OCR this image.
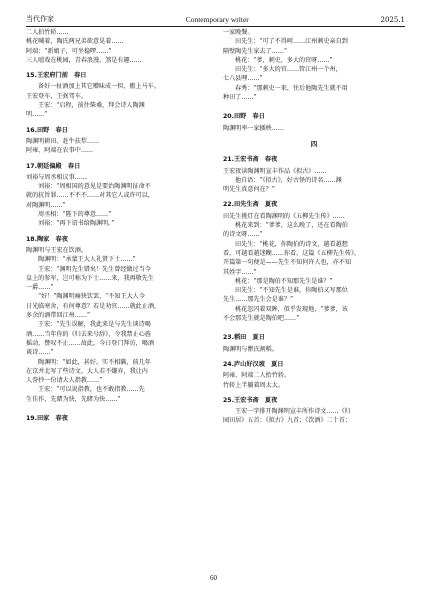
当代作家	Contemporary writer	2025.1
二人拍竹轿……
桃花喊着，陶氏两兄弟欲意晃着……
阿端：“新娘子，可坐稳啰……”
三人嘻戏在桃园，青春浪漫，煞是有趣……
15.王宏府门前　春日
备好一扯酒加上其它赠味成一担，搬上马车。
王宏登车，王弼驾车。
王宏：“启程，前往柴桑，拜会诗人陶渊
明……”
16.田野　春日
陶渊明耕田、赶牛扶犁……
阿雍、阿端在农事中……
17.朝廷偏殿　春日
刘裕与周丞相议事……
刘裕：“周相国的意见是要治陶渊明征命不
就的抗旨罪……不不不……对其它人或许可以，
对陶渊明……”
周丞相：“陛下的尊意……”
刘裕：“再下诏书给陶渊明。”
18.陶家　春夜
陶渊明与王宏在饮酒。
陶渊明：“承蒙王大人礼贤下士……”
王宏：“渊明先生错矣！先生曾经做过当今
皇上的参军，岂可称为下士……来，我再敬先生
一爵……”
“好！”陶渊明痛快饮罢，“不知王大人今
日光临寒舍，有何尊意？若是劝官……就此止酒，
多余的酒带回江州……”
王宏：“先生误解，我此来是与先生谈诗喝
酒……当年你的《归去来兮辞》，令我禁止心旌
摇动，赞叹不止……故此，今日登门拜访，喝酒
谈诗……”
陶渊明：“如此，甚好。实不相瞒，前几年
在京并北写了些诗文。大人若不嫌弃，我让内
人誊抄一份请大人指教……”
王宏：“可以说指教，也不敢指教……先
生佳作，先睹为快，先睹为快……”
19.田家　春夜
一家晚餐。
田先生：“可了不得呵……江州刺史亲自到
隔壁陶先生家去了……”
桃花：“爹，刺史，多大的官呀……”
田先生：“多大的官……管江州一个州，
七八县哩……”
春秀：“那刺史一来，往后他陶先生就不用
种田了……”
20.田野　春日
陶渊明率一家插秧……
四
21.王宏书斋　春夜
王宏夜读陶渊明宣丰作品《拟古》……
他自语：“《拟古》，好古怪的诗名……渊
明先生真意何在？”
22.田先生斋　夏夜
田先生挑灯在看陶渊明的《五柳先生传》……
桃花来到：“爹爹，这么晚了，还在看陶伯
的诗文呀……”
田先生：“桃花，你陶伯的诗文，越看越想
看，可越看越迷糊……你看，这篇《五柳先生传》，
开篇第一句便是——先生不知何许人也，亦不知
其姓字……”
桃花：“那是陶伯不知那先生是谁？”
田先生：“不知先生是谁，你陶伯又写那位
先生……那先生会是谁？”
桃花忽闪着双眸，似乎发现地，“爹爹，该
不会那先生就是陶伯吧……”
23.稻田　夏日
陶渊明与瞿氏割稻。
24.庐山好汉坡　夏日
阿雍、阿端二人抬竹轿。
竹轿上半躺着周太太。
25.王宏书斋　夏夜
王宏一字排开陶渊明宣丰所作诗文……《归
园田居》五首；《拟古》九首；《饮酒》二十首；
60
